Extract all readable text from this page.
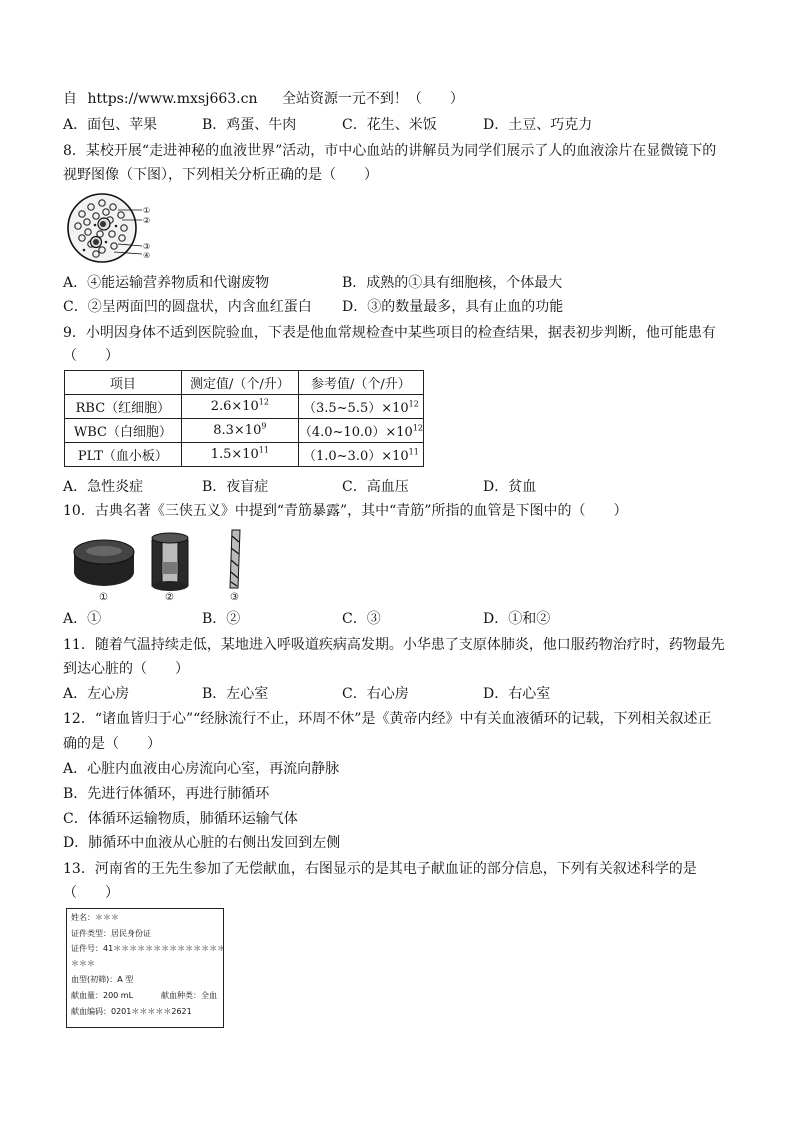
自 https://www.mxsj663.cn 全站资源一元不到！（　　）
A．面包、苹果	B．鸡蛋、牛肉	C．花生、米饭	D．土豆、巧克力
8．某校开展“走进神秘的血液世界”活动，市中心血站的讲解员为同学们展示了人的血液涂片在显微镜下的
视野图像（下图），下列相关分析正确的是（　　）
①
②
③
④
A．④能运输营养物质和代谢废物	B．成熟的①具有细胞核，个体最大
C．②呈两面凹的圆盘状，内含血红蛋白 D．③的数量最多，具有止血的功能
9．小明因身体不适到医院验血，下表是他血常规检查中某些项目的检查结果，据表初步判断，他可能患有
（　　）
项目	测定值/（个/升）	参考值/（个/升）
RBC（红细胞）	$2.6\times 10^{12}$	$(3.5\sim 5.5)\times 10^{12}$
WBC（白细胞）	$8.3\times 10^9$	$(4.0\sim 10.0)\times 10^{12}$
PLT（血小板）	$1.5\times 10^{11}$	$(1.0\sim 3.0)\times 10^{11}$
A．急性炎症	B．夜盲症	C．高血压	D．贫血
10．古典名著《三侠五义》中提到“青筋暴露”，其中“青筋”所指的血管是下图中的（　　）
①	②	③
A．①	B．②	C．③	D．①和②
11．随着气温持续走低，某地进入呼吸道疾病高发期。小华患了支原体肺炎，他口服药物治疗时，药物最先
到达心脏的（　　）
A．左心房	B．左心室	C．右心房	D．右心室
12．“诸血皆归于心”“经脉流行不止，环周不休”是《黄帝内经》中有关血液循环的记载，下列相关叙述正
确的是（　　）
A．心脏内血液由心房流向心室，再流向静脉
B．先进行体循环，再进行肺循环
C．体循环运输物质，肺循环运输气体
D．肺循环中血液从心脏的右侧出发回到左侧
13．河南省的王先生参加了无偿献血，右图显示的是其电子献血证的部分信息，下列有关叙述科学的是
（　　）
姓名：＊＊＊
证件类型：居民身份证
证件号：41＊＊＊＊＊＊＊＊＊＊＊＊＊＊
＊＊＊
血型(初筛)：A 型
献血量：200 mL	献血种类：全血
献血编码：0201＊＊＊＊＊2621
